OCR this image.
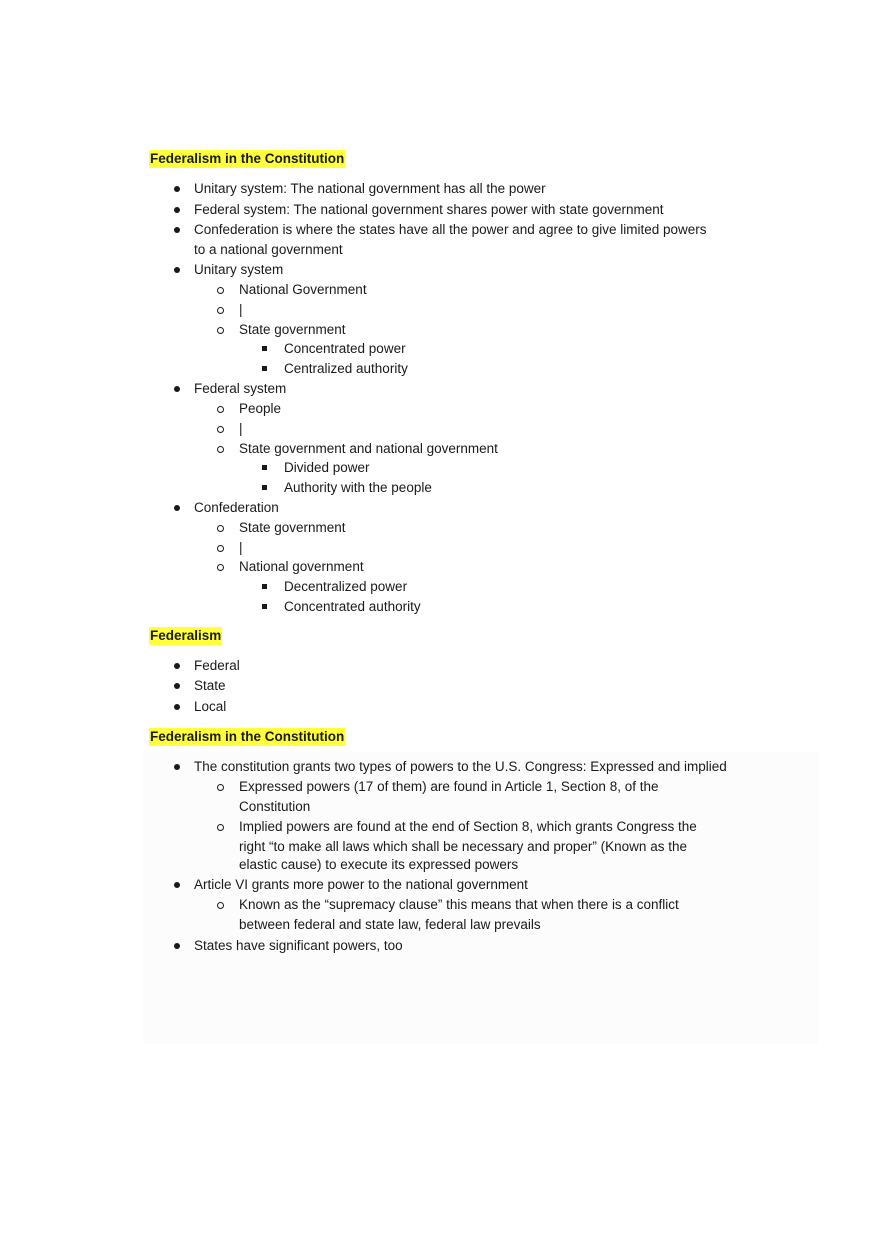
Federalism in the Constitution
Unitary system: The national government has all the power
Federal system: The national government shares power with state government
Confederation is where the states have all the power and agree to give limited powers
to a national government
Unitary system
National Government
|
State government
Concentrated power
Centralized authority
Federal system
People
|
State government and national government
Divided power
Authority with the people
Confederation
State government
|
National government
Decentralized power
Concentrated authority
Federalism
Federal
State
Local
Federalism in the Constitution
The constitution grants two types of powers to the U.S. Congress: Expressed and implied
Expressed powers (17 of them) are found in Article 1, Section 8, of the
Constitution
Implied powers are found at the end of Section 8, which grants Congress the
right “to make all laws which shall be necessary and proper” (Known as the
elastic cause) to execute its expressed powers
Article VI grants more power to the national government
Known as the “supremacy clause” this means that when there is a conflict
between federal and state law, federal law prevails
States have significant powers, too
